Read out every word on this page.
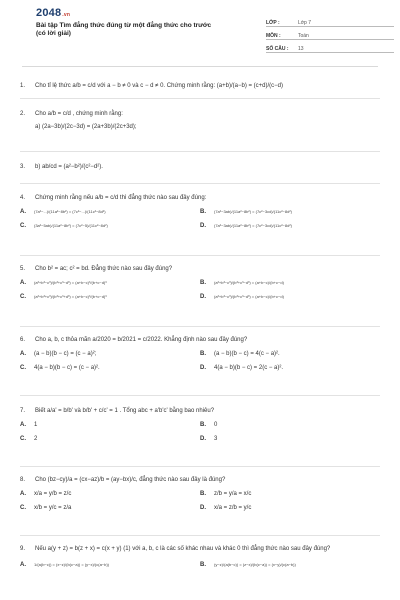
2048.vn
Bài tập Tìm đẳng thức đúng từ một đẳng thức cho trước
(có lời giải)
LỚP :	Lớp 7
MÔN :	Toán
SỐ CÂU :	13
1. Cho tỉ lệ thức a/b = c/d với a − b ≠ 0 và c − d ≠ 0. Chứng minh rằng: (a+b)/(a−b) = (c+d)/(c−d)
2. Cho a/b = c/d , chứng minh rằng:
a) (2a−3b)/(2c−3d) = (2a+3b)/(2c+3d);
3. b) ab/cd = (a²−b²)/(c²−d²).
4. Chứng minh rằng nếu a/b = c/d thì đẳng thức nào sau đây đúng:
A.	(7a²−...)/(11a²−8b²) = (7c²−...)/(11c²−8d²)	B.	(7a²−3ab)/(11a²−8b²) = (7c²−3cd)/(11c²−8d²)
C.	(3a²−5ab)/(11a²−8b²) = (7c²−5)/(11c²−8d²)	D.	(7a²−3ab)/(11a²−8b²) = (7c²−3cd)/(11c²−8d²)
5. Cho b² = ac; c² = bd. Đẳng thức nào sau đây đúng?
A.	(a³+b³−c³)/(b³+c³−d³) = (a+b−c)³/(b+c−d)³	B.	(a³+b³−c³)/(b³+c³−d³) = (a+b−c)/(b+c−d)
C.	(a³+b³+c³)/(b³+c³+d³) = (a+b−c)³/(b+c−d)³	D.	(a³+b³−c³)/(b³+c³−d³) = (a+b−c)/(b+c−d)
6. Cho a, b, c thỏa mãn a/2020 = b/2021 = c/2022. Khẳng định nào sau đây đúng?
A.	(a − b)(b − c) = (c − a)²;	B.	(a − b)(b − c) = 4(c − a)².
C.	4(a − b)(b − c) = (c − a)².	D.	4(a − b)(b − c) = 2(c − a)².
7. Biết a/a' = b/b' và b/b' + c/c' = 1 . Tổng abc + a'b'c' bằng bao nhiêu?
A.	1	B.	0
C.	2	D.	3
8. Cho (bz−cy)/a = (cx−az)/b = (ay−bx)/c, đẳng thức nào sau đây là đúng?
A.	x/a = y/b = z/c	B.	z/b = y/a = x/c
C.	x/b = y/c = z/a	D.	x/a = z/b = y/c
9.	Nếu a(y + z) = b(z + x) = c(x + y) (1) với a, b, c là các số khác nhau và khác 0 thì đẳng thức nào sau đây đúng?
A.	1/(a(b−c)) = (x−z)/(b(c−a)) = (y−x)/(c(a−b))	B.	(y−z)/(a(b−c)) = (z−x)/(b(c−a)) = (x−y)/(c(a−b))
